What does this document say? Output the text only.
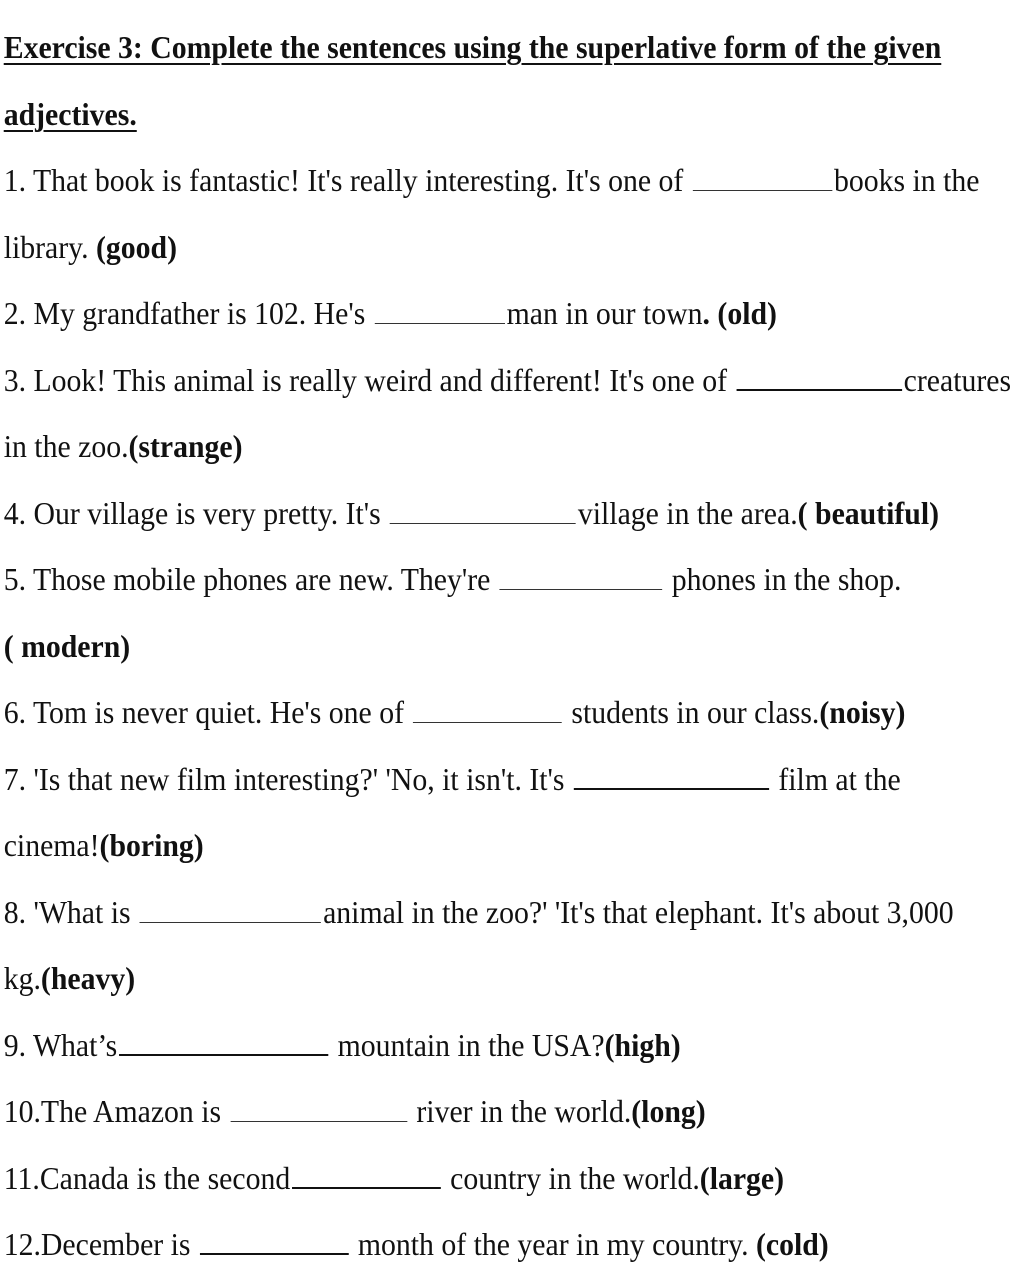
Exercise 3: Complete the sentences using the superlative form of the given
adjectives.
1. That book is fantastic! It's really interesting. It's one of	books in the
library. (good)
2. My grandfather is 102. He's	man in our town. (old)
3. Look! This animal is really weird and different! It's one of	creatures
in the zoo.(strange)
4. Our village is very pretty. It's	village in the area.( beautiful)
5. Those mobile phones are new. They're	phones in the shop.
( modern)
6. Tom is never quiet. He's one of	students in our class.(noisy)
7. 'Is that new film interesting?' 'No, it isn't. It's	film at the
cinema!(boring)
8. 'What is	animal in the zoo?' 'It's that elephant. It's about 3,000
kg.(heavy)
9. What’s	mountain in the USA?(high)
10.The Amazon is	river in the world.(long)
11.Canada is the second	country in the world.(large)
12.December is	month of the year in my country. (cold)
